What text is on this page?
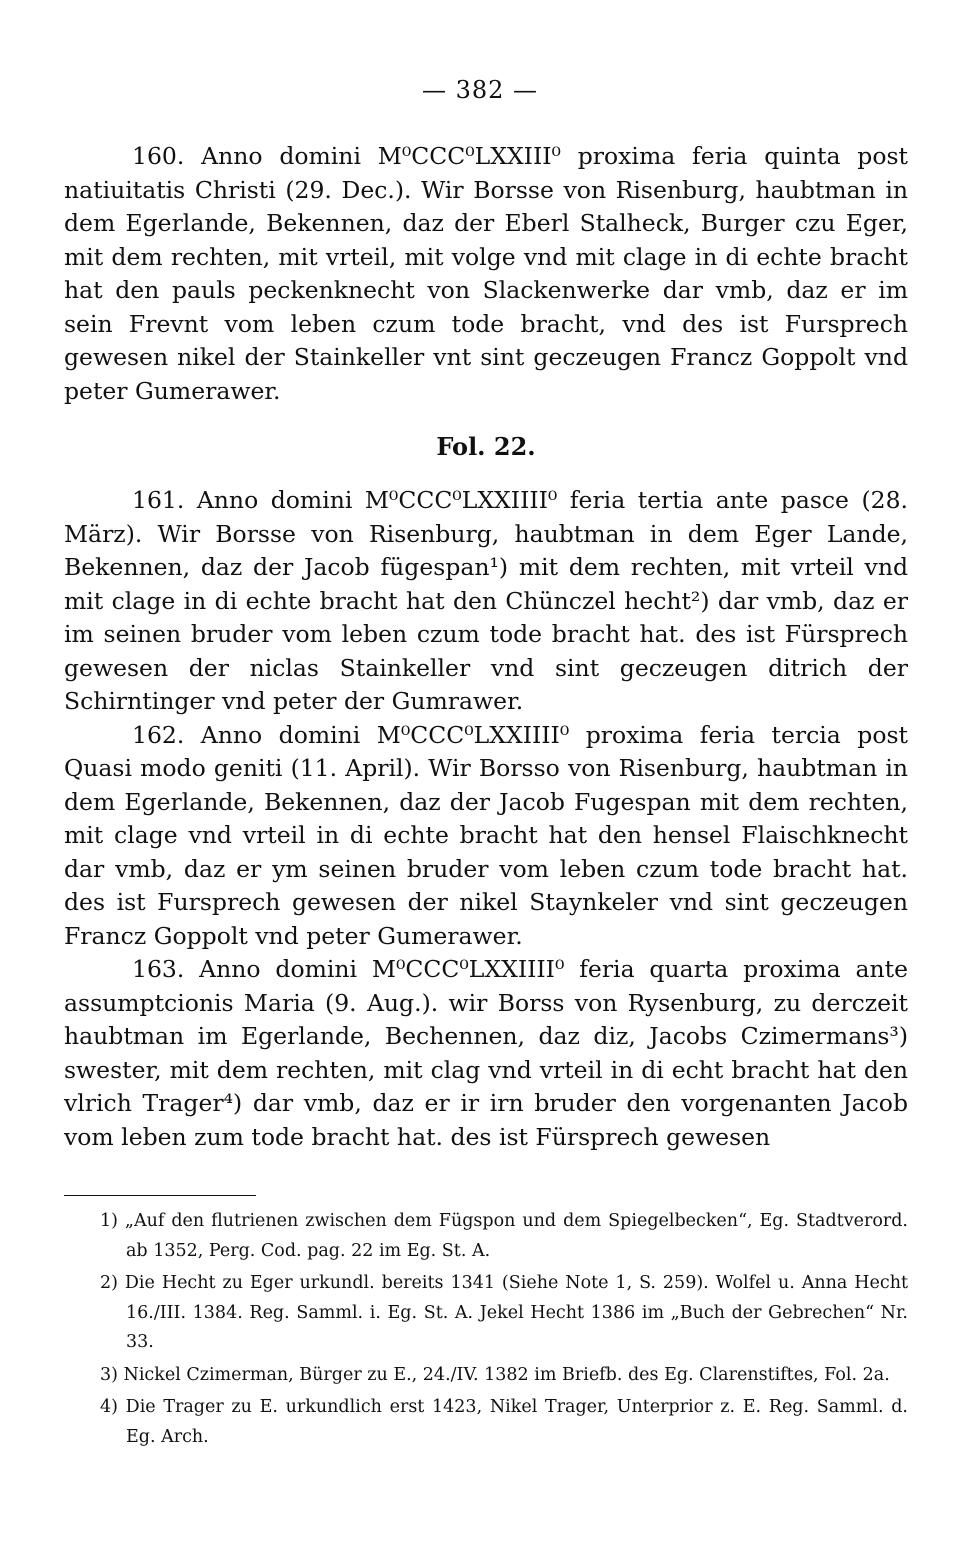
— 382 —

160. Anno domini M⁰CCC⁰LXXIII⁰ proxima feria quinta post natiuitatis Christi (29. Dec.). Wir Borsse von Risenburg, haubtman in dem Egerlande, Bekennen, daz der Eberl Stalheck, Burger czu Eger, mit dem rechten, mit vrteil, mit volge vnd mit clage in di echte bracht hat den pauls peckenknecht von Slackenwerke dar vmb, daz er im sein Frevnt vom leben czum tode bracht, vnd des ist Fursprech gewesen nikel der Stainkeller vnt sint geczeugen Francz Goppolt vnd peter Gumerawer.

Fol. 22.

161. Anno domini M⁰CCC⁰LXXIIII⁰ feria tertia ante pasce (28. März). Wir Borsse von Risenburg, haubtman in dem Eger Lande, Bekennen, daz der Jacob fügespan¹) mit dem rechten, mit vrteil vnd mit clage in di echte bracht hat den Chünczel hecht²) dar vmb, daz er im seinen bruder vom leben czum tode bracht hat. des ist Fürsprech gewesen der niclas Stainkeller vnd sint geczeugen ditrich der Schirntinger vnd peter der Gumrawer.

162. Anno domini M⁰CCC⁰LXXIIII⁰ proxima feria tercia post Quasi modo geniti (11. April). Wir Borsso von Risenburg, haubtman in dem Egerlande, Bekennen, daz der Jacob Fugespan mit dem rechten, mit clage vnd vrteil in di echte bracht hat den hensel Flaischknecht dar vmb, daz er ym seinen bruder vom leben czum tode bracht hat. des ist Fursprech gewesen der nikel Staynkeler vnd sint geczeugen Francz Goppolt vnd peter Gumerawer.

163. Anno domini M⁰CCC⁰LXXIIII⁰ feria quarta proxima ante assumptcionis Maria (9. Aug.). wir Borss von Rysenburg, zu derczeit haubtman im Egerlande, Bechennen, daz diz, Jacobs Czimermans³) swester, mit dem rechten, mit clag vnd vrteil in di echt bracht hat den vlrich Trager⁴) dar vmb, daz er ir irn bruder den vorgenanten Jacob vom leben zum tode bracht hat. des ist Fürsprech gewesen

1) „Auf den flutrienen zwischen dem Fügspon und dem Spiegelbecken“, Eg. Stadtverord. ab 1352, Perg. Cod. pag. 22 im Eg. St. A.

2) Die Hecht zu Eger urkundl. bereits 1341 (Siehe Note 1, S. 259). Wolfel u. Anna Hecht 16./III. 1384. Reg. Samml. i. Eg. St. A. Jekel Hecht 1386 im „Buch der Gebrechen“ Nr. 33.

3) Nickel Czimerman, Bürger zu E., 24./IV. 1382 im Briefb. des Eg. Clarenstiftes, Fol. 2a.

4) Die Trager zu E. urkundlich erst 1423, Nikel Trager, Unterprior z. E. Reg. Samml. d. Eg. Arch.
